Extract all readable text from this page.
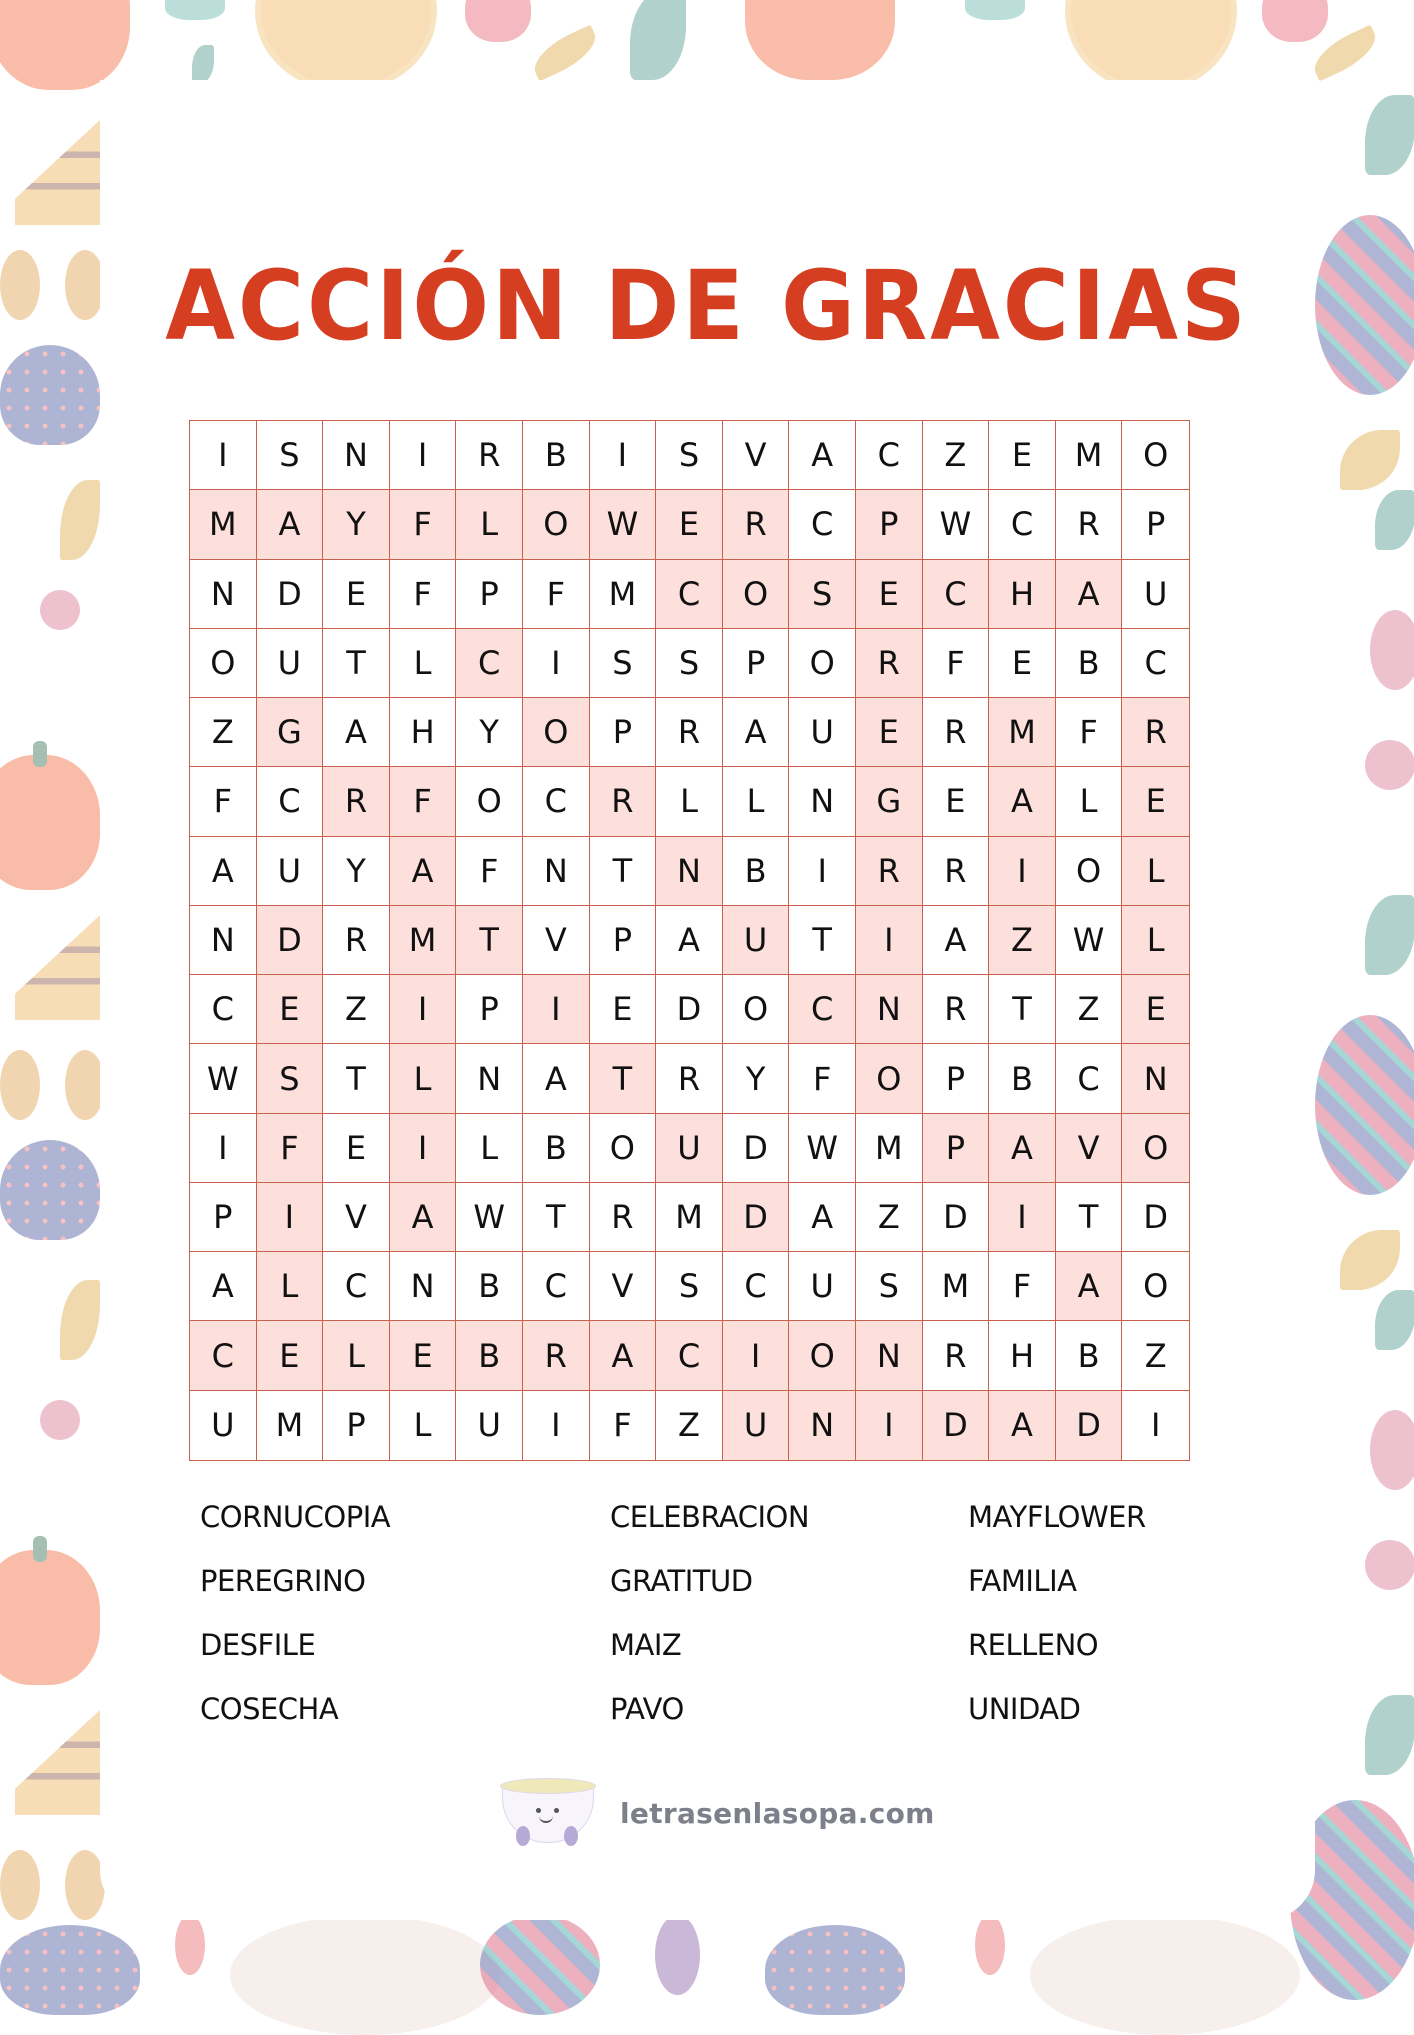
ACCIÓN DE GRACIAS
I	S	N	I	R	B	I	S	V	A	C	Z	E	M	O
M	A	Y	F	L	O	W	E	R	C	P	W	C	R	P
N	D	E	F	P	F	M	C	O	S	E	C	H	A	U
O	U	T	L	C	I	S	S	P	O	R	F	E	B	C
Z	G	A	H	Y	O	P	R	A	U	E	R	M	F	R
F	C	R	F	O	C	R	L	L	N	G	E	A	L	E
A	U	Y	A	F	N	T	N	B	I	R	R	I	O	L
N	D	R	M	T	V	P	A	U	T	I	A	Z	W	L
C	E	Z	I	P	I	E	D	O	C	N	R	T	Z	E
W	S	T	L	N	A	T	R	Y	F	O	P	B	C	N
I	F	E	I	L	B	O	U	D	W	M	P	A	V	O
P	I	V	A	W	T	R	M	D	A	Z	D	I	T	D
A	L	C	N	B	C	V	S	C	U	S	M	F	A	O
C	E	L	E	B	R	A	C	I	O	N	R	H	B	Z
U	M	P	L	U	I	F	Z	U	N	I	D	A	D	I
CORNUCOPIA	CELEBRACION	MAYFLOWER
PEREGRINO	GRATITUD	FAMILIA
DESFILE	MAIZ	RELLENO
COSECHA	PAVO	UNIDAD
letrasenlasopa.com
